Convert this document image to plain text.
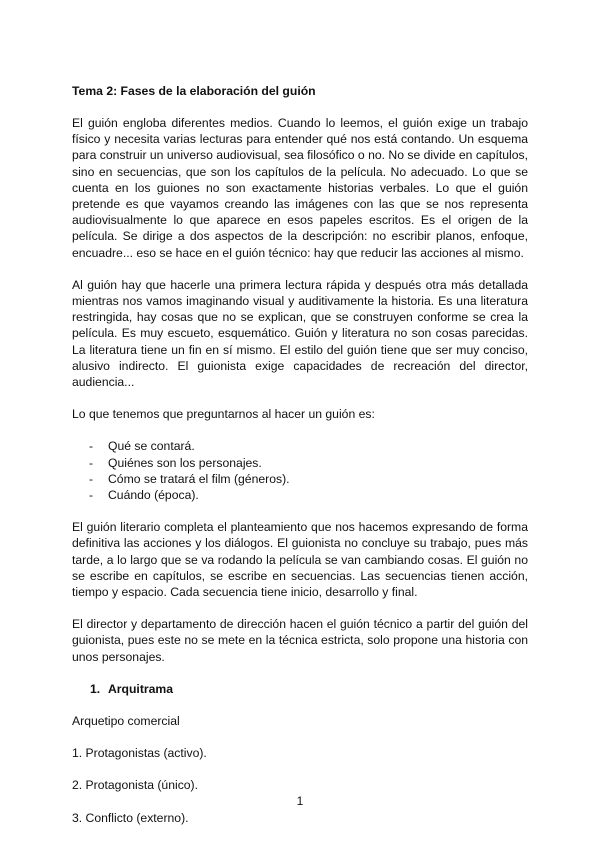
Tema 2: Fases de la elaboración del guión

El guión engloba diferentes medios. Cuando lo leemos, el guión exige un trabajo físico y necesita varias lecturas para entender qué nos está contando. Un esquema para construir un universo audiovisual, sea filosófico o no. No se divide en capítulos, sino en secuencias, que son los capítulos de la película. No adecuado. Lo que se cuenta en los guiones no son exactamente historias verbales. Lo que el guión pretende es que vayamos creando las imágenes con las que se nos representa audiovisualmente lo que aparece en esos papeles escritos. Es el origen de la película. Se dirige a dos aspectos de la descripción: no escribir planos, enfoque, encuadre... eso se hace en el guión técnico: hay que reducir las acciones al mismo.

Al guión hay que hacerle una primera lectura rápida y después otra más detallada mientras nos vamos imaginando visual y auditivamente la historia. Es una literatura restringida, hay cosas que no se explican, que se construyen conforme se crea la película. Es muy escueto, esquemático. Guión y literatura no son cosas parecidas. La literatura tiene un fin en sí mismo. El estilo del guión tiene que ser muy conciso, alusivo indirecto. El guionista exige capacidades de recreación del director, audiencia...

Lo que tenemos que preguntarnos al hacer un guión es:

- Qué se contará.
- Quiénes son los personajes.
- Cómo se tratará el film (géneros).
- Cuándo (época).

El guión literario completa el planteamiento que nos hacemos expresando de forma definitiva las acciones y los diálogos. El guionista no concluye su trabajo, pues más tarde, a lo largo que se va rodando la película se van cambiando cosas. El guión no se escribe en capítulos, se escribe en secuencias. Las secuencias tienen acción, tiempo y espacio. Cada secuencia tiene inicio, desarrollo y final.

El director y departamento de dirección hacen el guión técnico a partir del guión del guionista, pues este no se mete en la técnica estricta, solo propone una historia con unos personajes.

1. Arquitrama

Arquetipo comercial

1. Protagonistas (activo).

2. Protagonista (único).

3. Conflicto (externo).

1
